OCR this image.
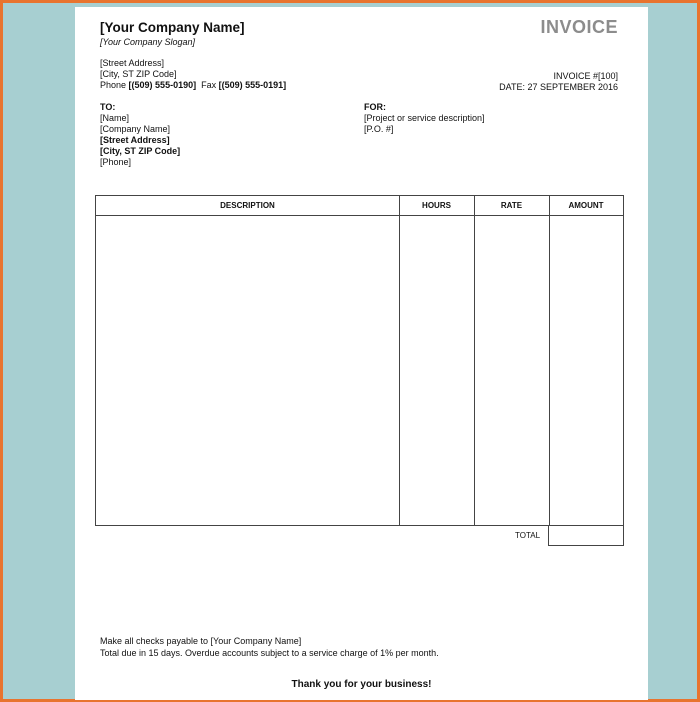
[Your Company Name]
[Your Company Slogan]
[Street Address]
[City, ST ZIP Code]
Phone [(509) 555-0190] Fax [(509) 555-0191]
INVOICE
INVOICE #[100]
DATE: 27 SEPTEMBER 2016
TO:
[Name]
[Company Name]
[Street Address]
[City, ST ZIP Code]
[Phone]
FOR:
[Project or service description]
[P.O. #]
DESCRIPTION	HOURS	RATE	AMOUNT
TOTAL
Make all checks payable to [Your Company Name]
Total due in 15 days. Overdue accounts subject to a service charge of 1% per month.
Thank you for your business!
